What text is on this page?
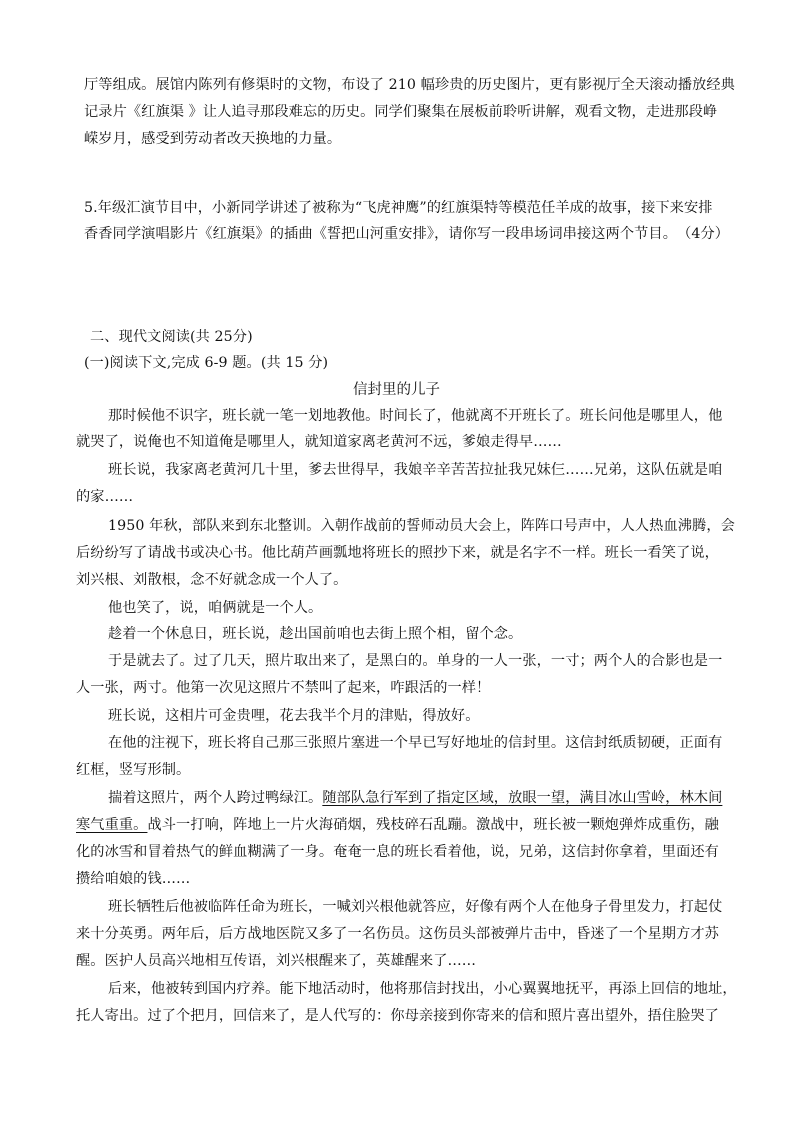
厅等组成。展馆内陈列有修渠时的文物，布设了 210 幅珍贵的历史图片，更有影视厅全天滚动播放经典
记录片《红旗渠 》让人追寻那段难忘的历史。同学们聚集在展板前聆听讲解，观看文物，走进那段峥
嵘岁月，感受到劳动者改天换地的力量。
5.年级汇演节目中，小新同学讲述了被称为“飞虎神鹰”的红旗渠特等模范任羊成的故事，接下来安排
香香同学演唱影片《红旗渠》的插曲《誓把山河重安排》，请你写一段串场词串接这两个节目。　（4分）
二、现代文阅读(共 25分)
(一)阅读下文,完成 6-9 题。(共 15 分)
信封里的儿子
那时候他不识字，班长就一笔一划地教他。时间长了，他就离不开班长了。班长问他是哪里人，他
就哭了，说俺也不知道俺是哪里人，就知道家离老黄河不远，爹娘走得早……
班长说，我家离老黄河几十里，爹去世得早，我娘辛辛苦苦拉扯我兄妹仨……兄弟，这队伍就是咱
的家……
1950 年秋，部队来到东北整训。入朝作战前的誓师动员大会上，阵阵口号声中，人人热血沸腾，会
后纷纷写了请战书或决心书。他比葫芦画瓢地将班长的照抄下来，就是名字不一样。班长一看笑了说，
刘兴根、刘散根，念不好就念成一个人了。
他也笑了，说，咱俩就是一个人。
趁着一个休息日，班长说，趁出国前咱也去街上照个相，留个念。
于是就去了。过了几天，照片取出来了，是黑白的。单身的一人一张，一寸；两个人的合影也是一
人一张，两寸。他第一次见这照片不禁叫了起来，咋跟活的一样！
班长说，这相片可金贵哩，花去我半个月的津贴，得放好。
在他的注视下，班长将自己那三张照片塞进一个早已写好地址的信封里。这信封纸质韧硬，正面有
红框，竖写形制。
揣着这照片，两个人跨过鸭绿江。随部队急行军到了指定区域，放眼一望，满目冰山雪岭，林木间
寒气重重。战斗一打响，阵地上一片火海硝烟，残枝碎石乱蹦。激战中，班长被一颗炮弹炸成重伤，融
化的冰雪和冒着热气的鲜血糊满了一身。奄奄一息的班长看着他，说，兄弟，这信封你拿着，里面还有
攒给咱娘的钱……
班长牺牲后他被临阵任命为班长，一喊刘兴根他就答应，好像有两个人在他身子骨里发力，打起仗
来十分英勇。两年后，后方战地医院又多了一名伤员。这伤员头部被弹片击中，昏迷了一个星期方才苏
醒。医护人员高兴地相互传语，刘兴根醒来了，英雄醒来了……
后来，他被转到国内疗养。能下地活动时，他将那信封找出，小心翼翼地抚平，再添上回信的地址，
托人寄出。过了个把月，回信来了，是人代写的：你母亲接到你寄来的信和照片喜出望外，捂住脸哭了
